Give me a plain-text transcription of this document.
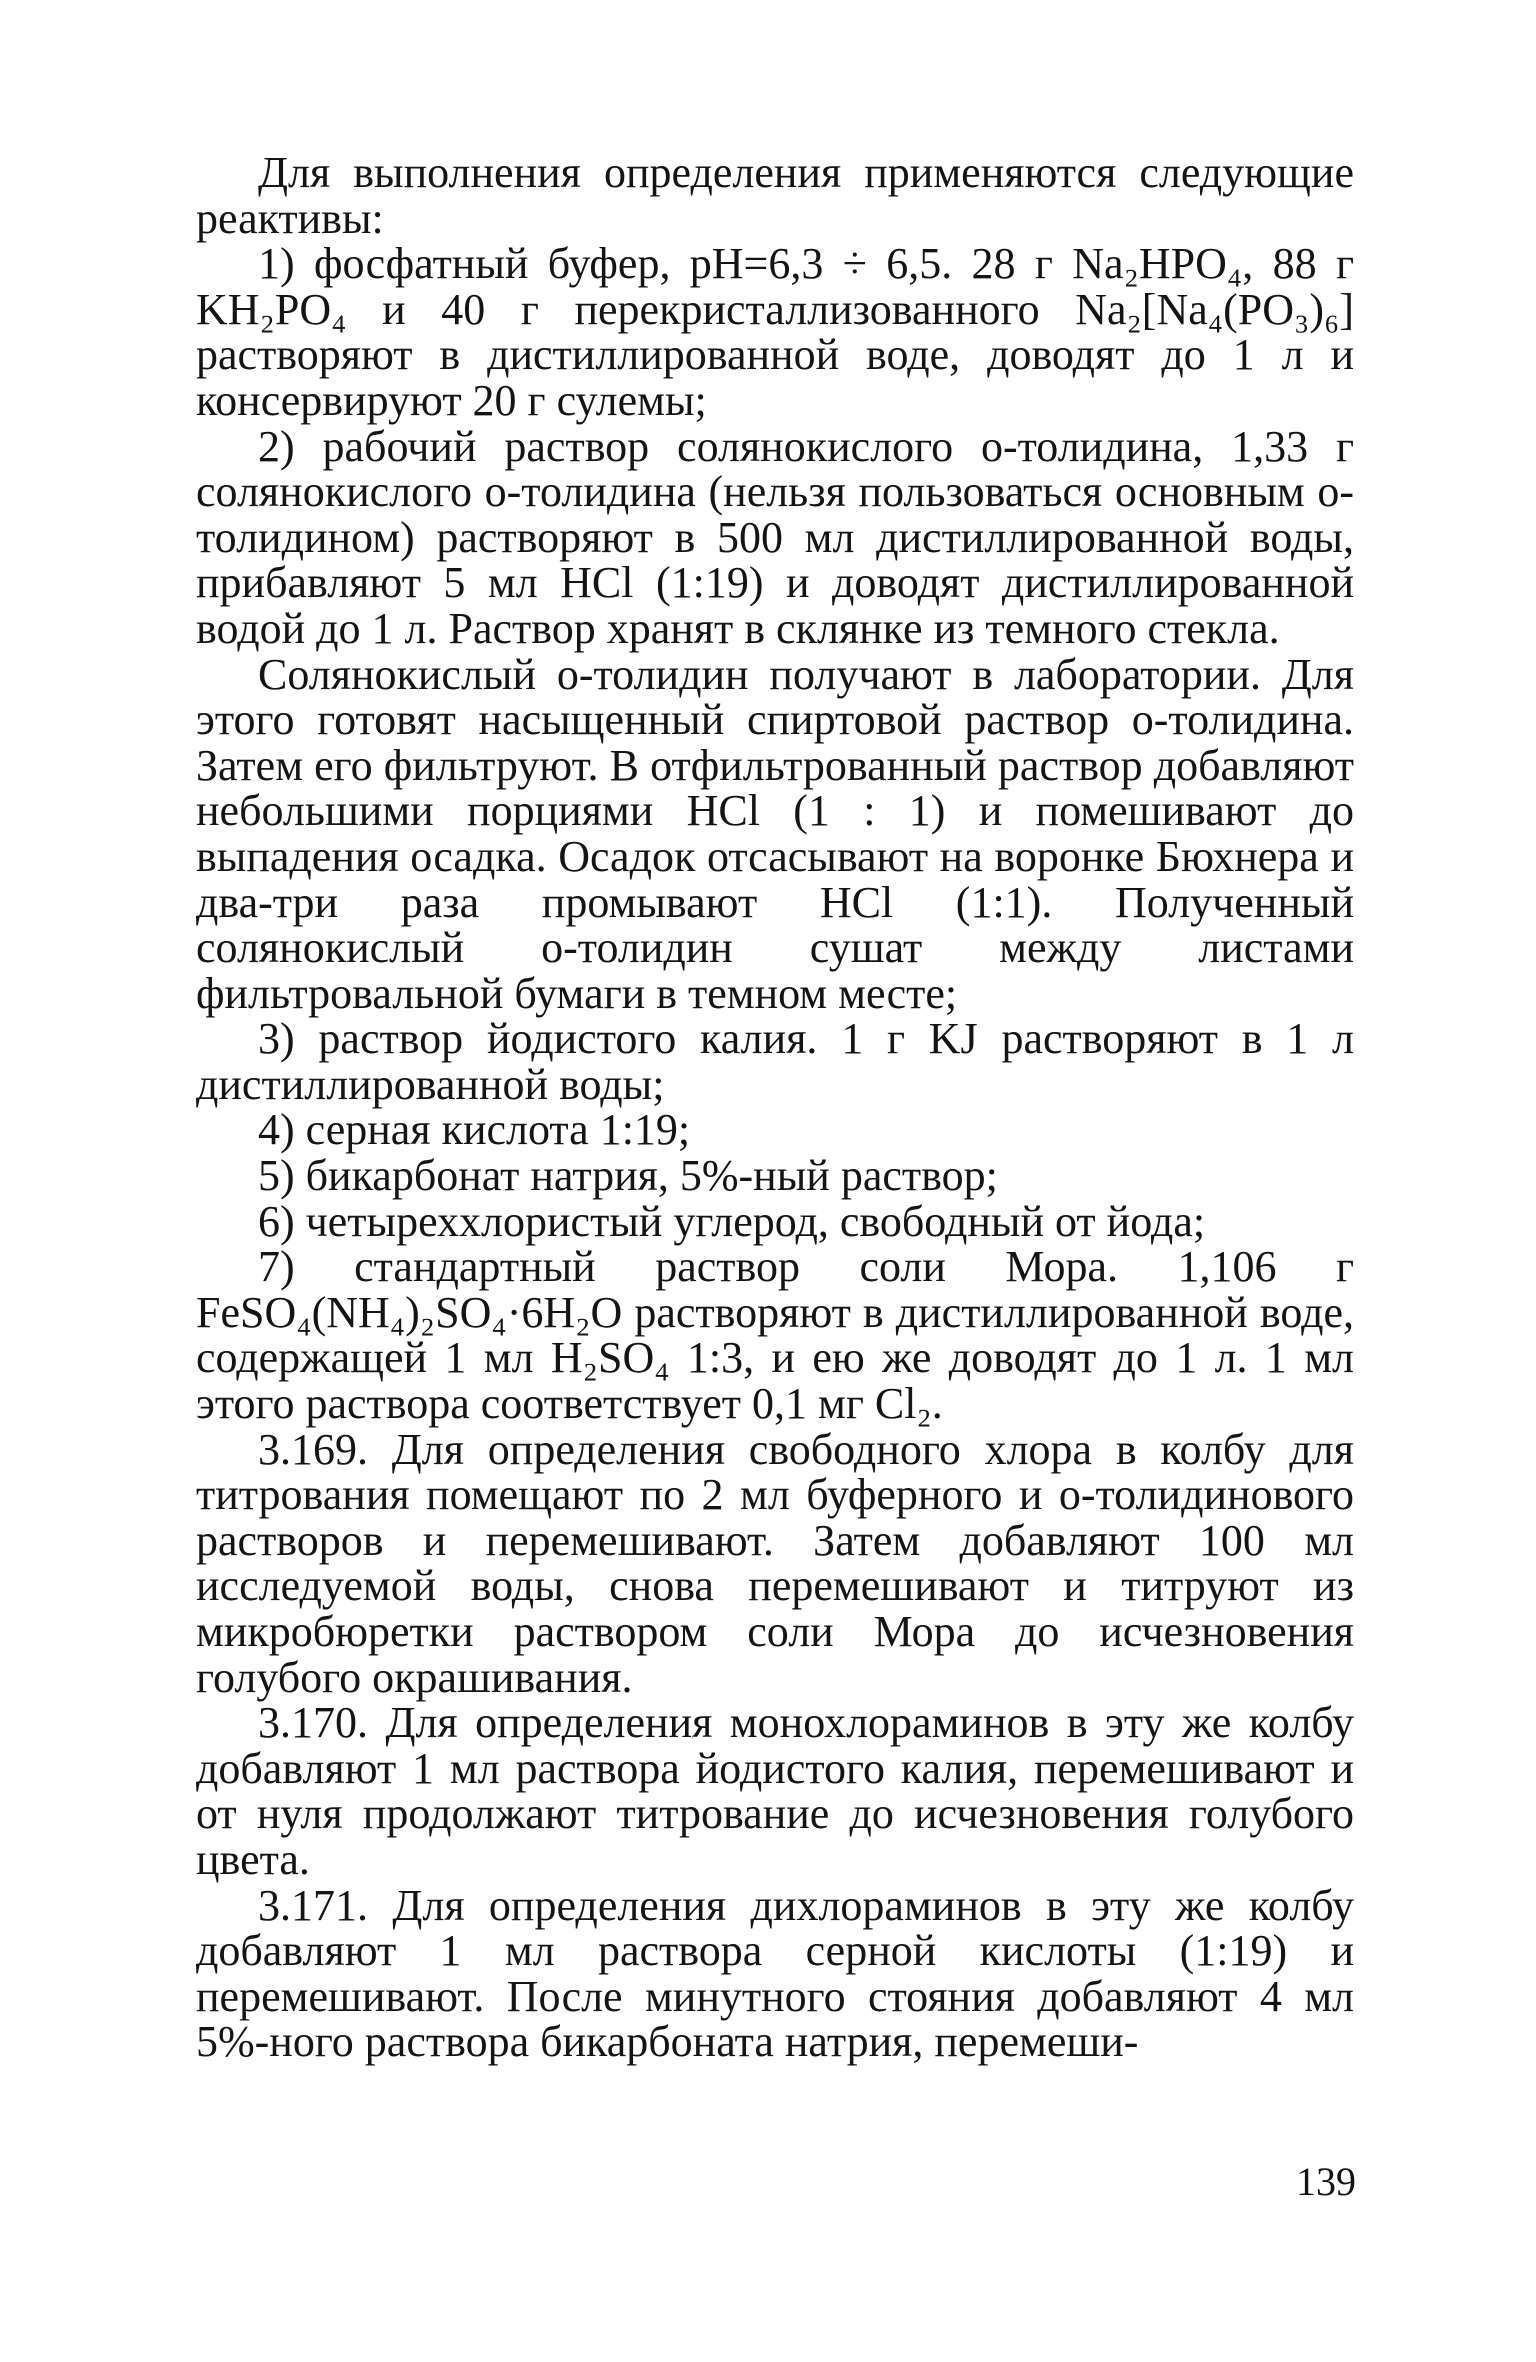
Для выполнения определения применяются следующие реактивы:

1) фосфатный буфер, pH=6,3 ÷ 6,5. 28 г Na₂HPO₄, 88 г KH₂PO₄ и 40 г перекристаллизованного Na₂[Na₄(PO₃)₆] растворяют в дистиллированной воде, доводят до 1 л и консервируют 20 г сулемы;

2) рабочий раствор солянокислого о-толидина, 1,33 г солянокислого о-толидина (нельзя пользоваться основным о-толидином) растворяют в 500 мл дистиллированной воды, прибавляют 5 мл HCl (1:19) и доводят дистиллированной водой до 1 л. Раствор хранят в склянке из темного стекла.

Солянокислый о-толидин получают в лаборатории. Для этого готовят насыщенный спиртовой раствор о-толидина. Затем его фильтруют. В отфильтрованный раствор добавляют небольшими порциями HCl (1 : 1) и помешивают до выпадения осадка. Осадок отсасывают на воронке Бюхнера и два-три раза промывают HCl (1:1). Полученный солянокислый о-толидин сушат между листами фильтровальной бумаги в темном месте;

3) раствор йодистого калия. 1 г KJ растворяют в 1 л дистиллированной воды;

4) серная кислота 1:19;

5) бикарбонат натрия, 5%-ный раствор;

6) четыреххлористый углерод, свободный от йода;

7) стандартный раствор соли Мора. 1,106 г FeSO₄(NH₄)₂SO₄·6H₂O растворяют в дистиллированной воде, содержащей 1 мл H₂SO₄ 1:3, и ею же доводят до 1 л. 1 мл этого раствора соответствует 0,1 мг Cl₂.

3.169. Для определения свободного хлора в колбу для титрования помещают по 2 мл буферного и о-толидинового растворов и перемешивают. Затем добавляют 100 мл исследуемой воды, снова перемешивают и титруют из микробюретки раствором соли Мора до исчезновения голубого окрашивания.

3.170. Для определения монохлораминов в эту же колбу добавляют 1 мл раствора йодистого калия, перемешивают и от нуля продолжают титрование до исчезновения голубого цвета.

3.171. Для определения дихлораминов в эту же колбу добавляют 1 мл раствора серной кислоты (1:19) и перемешивают. После минутного стояния добавляют 4 мл 5%-ного раствора бикарбоната натрия, перемеши-

139
